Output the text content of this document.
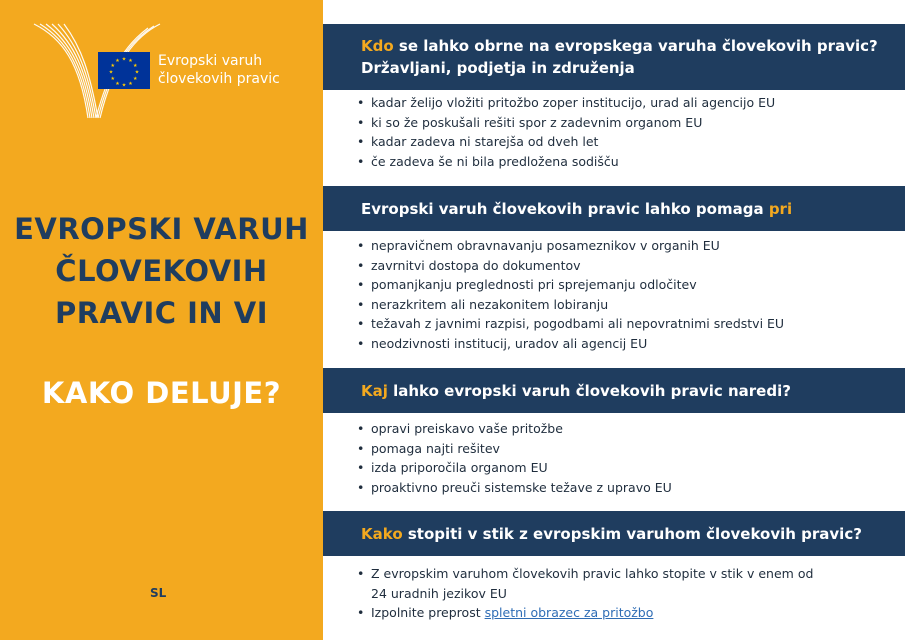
★ ★
★
★
★
★
★
★
★
★
★
★	Evropski varuh
človekovih pravic
EVROPSKI VARUH
ČLOVEKOVIH
PRAVIC IN VI
KAKO DELUJE?
SL
Kdo se lahko obrne na evropskega varuha človekovih pravic?
Državljani, podjetja in združenja
• kadar želijo vložiti pritožbo zoper institucijo, urad ali agencijo EU
• ki so že poskušali rešiti spor z zadevnim organom EU
• kadar zadeva ni starejša od dveh let
• če zadeva še ni bila predložena sodišču
Evropski varuh človekovih pravic lahko pomaga pri
• nepravičnem obravnavanju posameznikov v organih EU
• zavrnitvi dostopa do dokumentov
• pomanjkanju preglednosti pri sprejemanju odločitev
• nerazkritem ali nezakonitem lobiranju
• težavah z javnimi razpisi, pogodbami ali nepovratnimi sredstvi EU
• neodzivnosti institucij, uradov ali agencij EU
Kaj lahko evropski varuh človekovih pravic naredi?
• opravi preiskavo vaše pritožbe
• pomaga najti rešitev
• izda priporočila organom EU
• proaktivno preuči sistemske težave z upravo EU
Kako stopiti v stik z evropskim varuhom človekovih pravic?
• Z evropskim varuhom človekovih pravic lahko stopite v stik v enem od
24 uradnih jezikov EU
• Izpolnite preprost spletni obrazec za pritožbo
